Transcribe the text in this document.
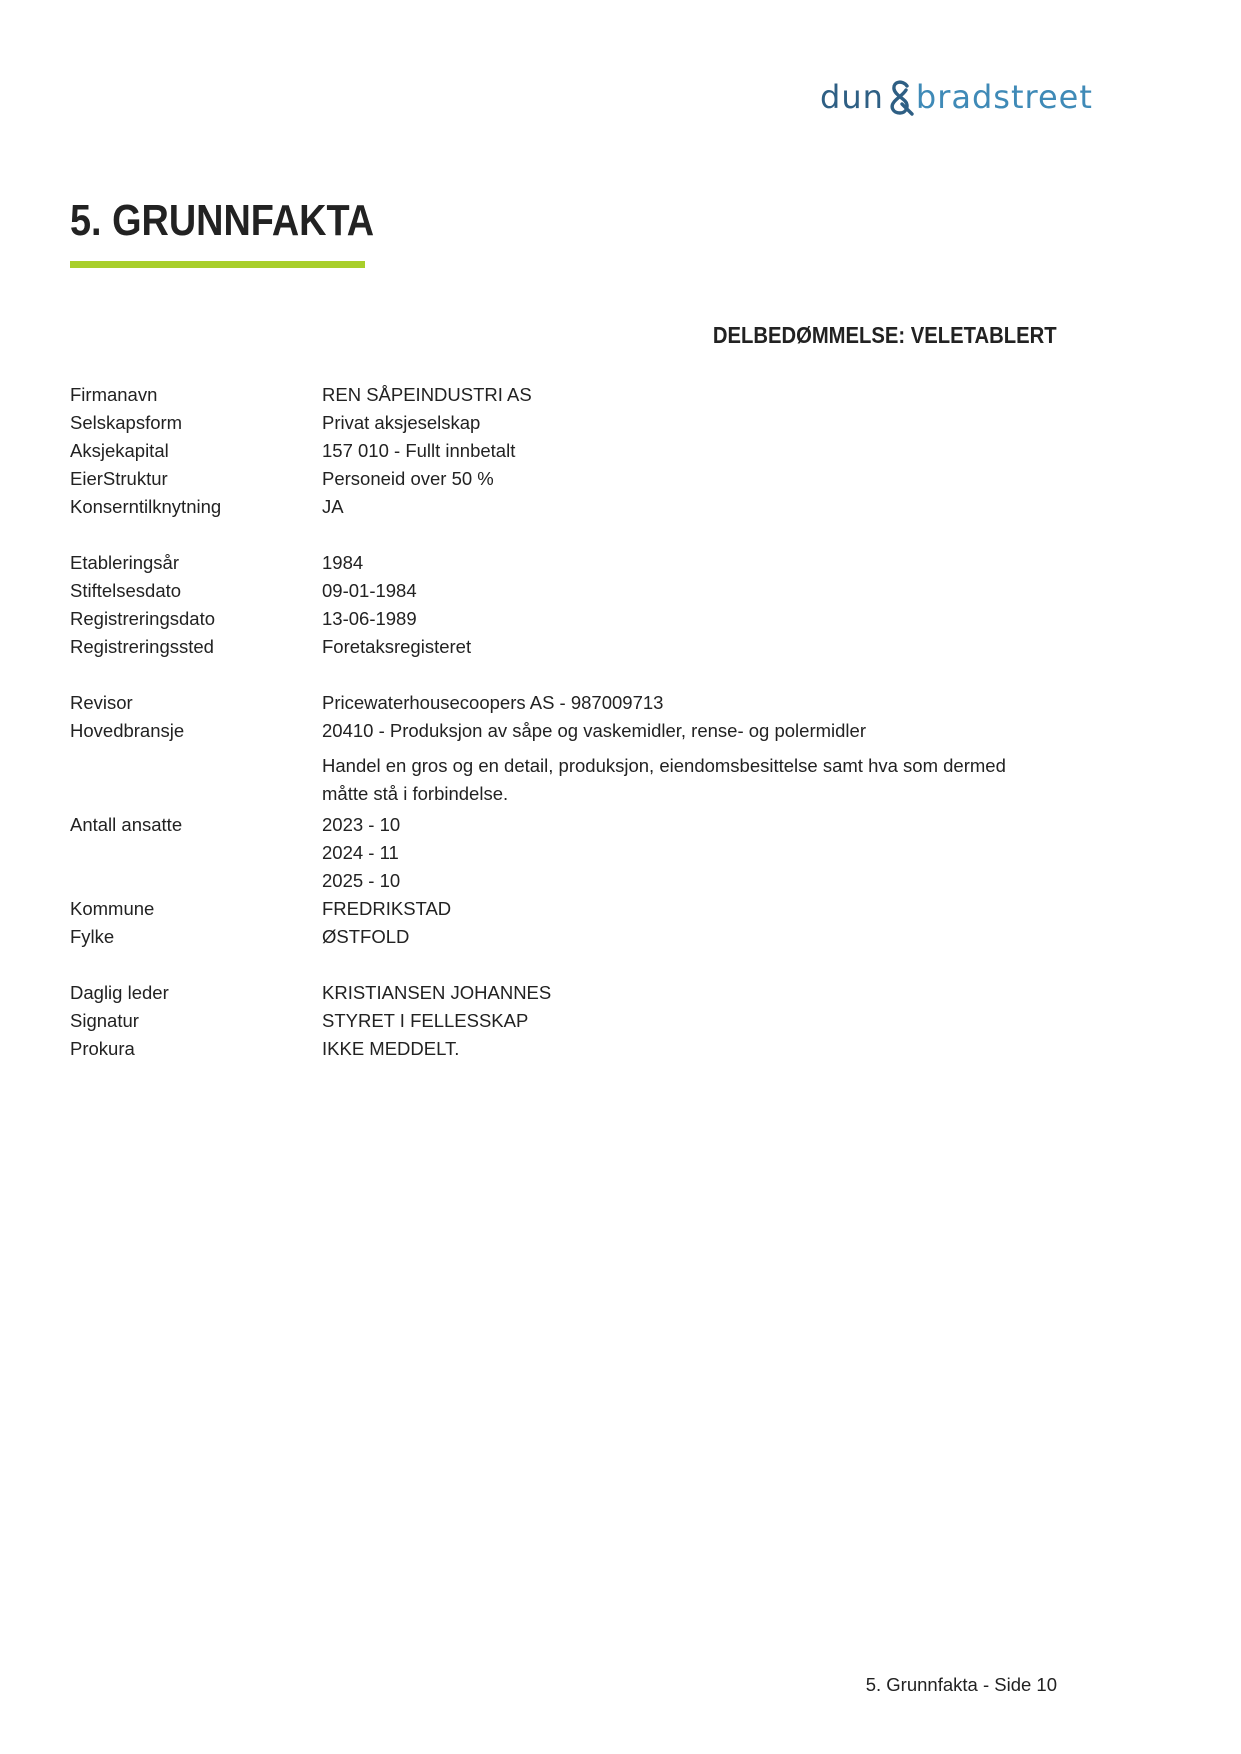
dun bradstreet
5. GRUNNFAKTA
DELBEDØMMELSE: VELETABLERT
Firmanavn	REN SÅPEINDUSTRI AS
Selskapsform	Privat aksjeselskap
Aksjekapital	157 010 - Fullt innbetalt
EierStruktur	Personeid over 50 %
Konserntilknytning	JA
Etableringsår	1984
Stiftelsesdato	09-01-1984
Registreringsdato	13-06-1989
Registreringssted	Foretaksregisteret
Revisor	Pricewaterhousecoopers AS - 987009713
Hovedbransje	20410 - Produksjon av såpe og vaskemidler, rense- og polermidler
Handel en gros og en detail, produksjon, eiendomsbesittelse samt hva som dermed
måtte stå i forbindelse.
Antall ansatte	2023 - 10
2024 - 11
2025 - 10
Kommune	FREDRIKSTAD
Fylke	ØSTFOLD
Daglig leder	KRISTIANSEN JOHANNES
Signatur	STYRET I FELLESSKAP
Prokura	IKKE MEDDELT.
5. Grunnfakta - Side 10
